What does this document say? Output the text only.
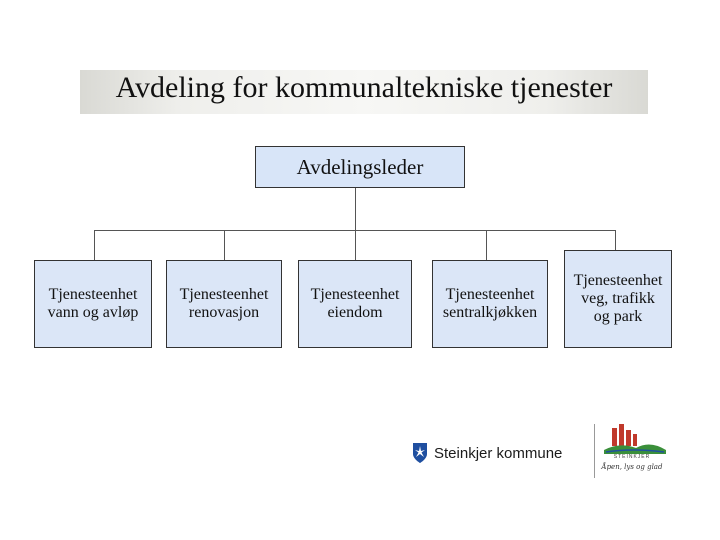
Avdeling for kommunaltekniske tjenester
Avdelingsleder
Tjenesteenhet
vann og avløp
Tjenesteenhet
renovasjon
Tjenesteenhet
eiendom
Tjenesteenhet
sentralkjøkken
Tjenesteenhet
veg, trafikk
og park
Steinkjer kommune	STEINKJER
Åpen, lys og glad
